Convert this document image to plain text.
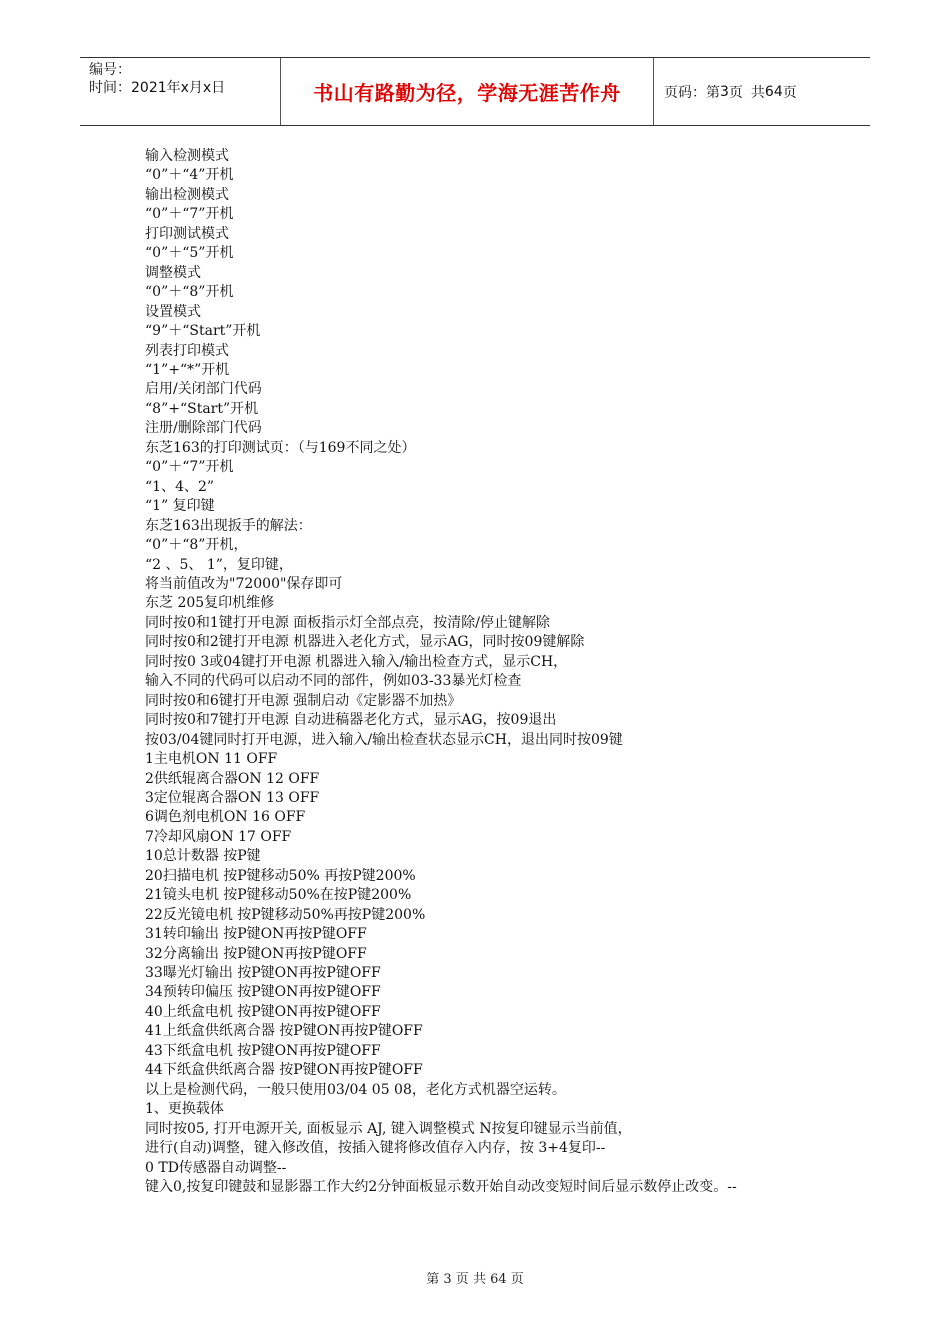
编号：
时间：2021年x月x日	书山有路勤为径，学海无涯苦作舟	页码：第 3 页 共 64 页
输入检测模式
“0”＋“4”开机
输出检测模式
“0”＋“7”开机
打印测试模式
“0”＋“5”开机
调整模式
“0”＋“8”开机
设置模式
“9”＋“Start”开机
列表打印模式
“1”+“*”开机
启用/关闭部门代码
“8”+“Start”开机
注册/删除部门代码
东芝163的打印测试页：（与169不同之处）
“0”＋“7”开机
“1、4、2”
“1” 复印键
东芝163出现扳手的解法：
“0”＋“8”开机，
“2 、5、 1”，复印键，
将当前值改为"72000"保存即可
东芝 205复印机维修
同时按0和1键打开电源 面板指示灯全部点亮，按清除/停止键解除
同时按0和2键打开电源 机器进入老化方式，显示AG，同时按09键解除
同时按0 3或04键打开电源 机器进入输入/输出检查方式，显示CH，
输入不同的代码可以启动不同的部件，例如03-33暴光灯检查
同时按0和6键打开电源 强制启动《定影器不加热》
同时按0和7键打开电源 自动进稿器老化方式，显示AG，按09退出
按03/04键同时打开电源，进入输入/输出检查状态显示CH，退出同时按09键
1主电机ON 11 OFF
2供纸辊离合器ON 12 OFF
3定位辊离合器ON 13 OFF
6调色剂电机ON 16 OFF
7冷却风扇ON 17 OFF
10总计数器 按P键
20扫描电机 按P键移动50% 再按P键200%
21镜头电机 按P键移动50%在按P键200%
22反光镜电机 按P键移动50%再按P键200%
31转印输出 按P键ON再按P键OFF
32分离输出 按P键ON再按P键OFF
33曝光灯输出 按P键ON再按P键OFF
34预转印偏压 按P键ON再按P键OFF
40上纸盒电机 按P键ON再按P键OFF
41上纸盒供纸离合器 按P键ON再按P键OFF
43下纸盒电机 按P键ON再按P键OFF
44下纸盒供纸离合器 按P键ON再按P键OFF
以上是检测代码，一般只使用03/04 05 08，老化方式机器空运转。
1、更换载体
同时按05, 打开电源开关, 面板显示 AJ, 键入调整模式 N按复印键显示当前值，
进行(自动)调整，键入修改值，按插入键将修改值存入内存，按 3+4复印--
0 TD传感器自动调整--
键入0,按复印键鼓和显影器工作大约2分钟面板显示数开始自动改变短时间后显示数停止改变。--
第 3 页 共 64 页
